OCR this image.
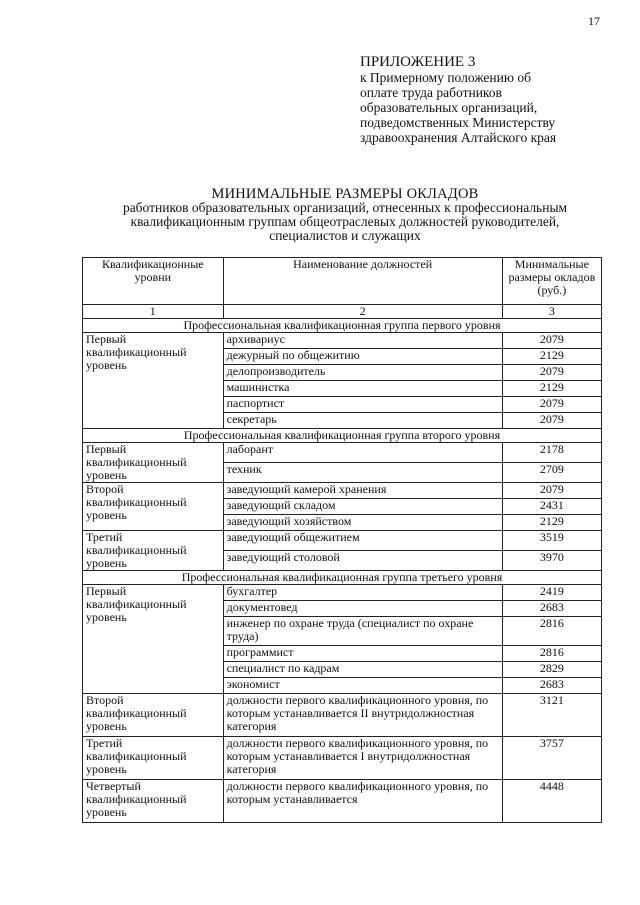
17
ПРИЛОЖЕНИЕ 3
к Примерному положению об
оплате труда работников
образовательных организаций,
подведомственных Министерству
здравоохранения Алтайского края
МИНИМАЛЬНЫЕ РАЗМЕРЫ ОКЛАДОВ
работников образовательных организаций, отнесенных к профессиональным
квалификационным группам общеотраслевых должностей руководителей,
специалистов и служащих
Квалификационные уровни	Наименование должностей	Минимальные размеры окладов (руб.)
1	2	3
Профессиональная квалификационная группа первого уровня		
Первый квалификационный уровень	архивариус	2079
	дежурный по общежитию	2129
	делопроизводитель	2079
	машинистка	2129
	паспортист	2079
	секретарь	2079
Профессиональная квалификационная группа второго уровня		
Первый квалификационный уровень	лаборант	2178
	техник	2709
Второй квалификационный уровень	заведующий камерой хранения	2079
	заведующий складом	2431
	заведующий хозяйством	2129
Третий квалификационный уровень	заведующий общежитием	3519
	заведующий столовой	3970
Профессиональная квалификационная группа третьего уровня		
Первый квалификационный уровень	бухгалтер	2419
	документовед	2683
	инженер по охране труда (специалист по охране труда)	2816
	программист	2816
	специалист по кадрам	2829
	экономист	2683
Второй квалификационный уровень	должности первого квалификационного уровня, по которым устанавливается II внутридолжностная категория	3121
Третий квалификационный уровень	должности первого квалификационного уровня, по которым устанавливается I внутридолжностная категория	3757
Четвертый квалификационный уровень	должности первого квалификационного уровня, по которым устанавливается	4448
